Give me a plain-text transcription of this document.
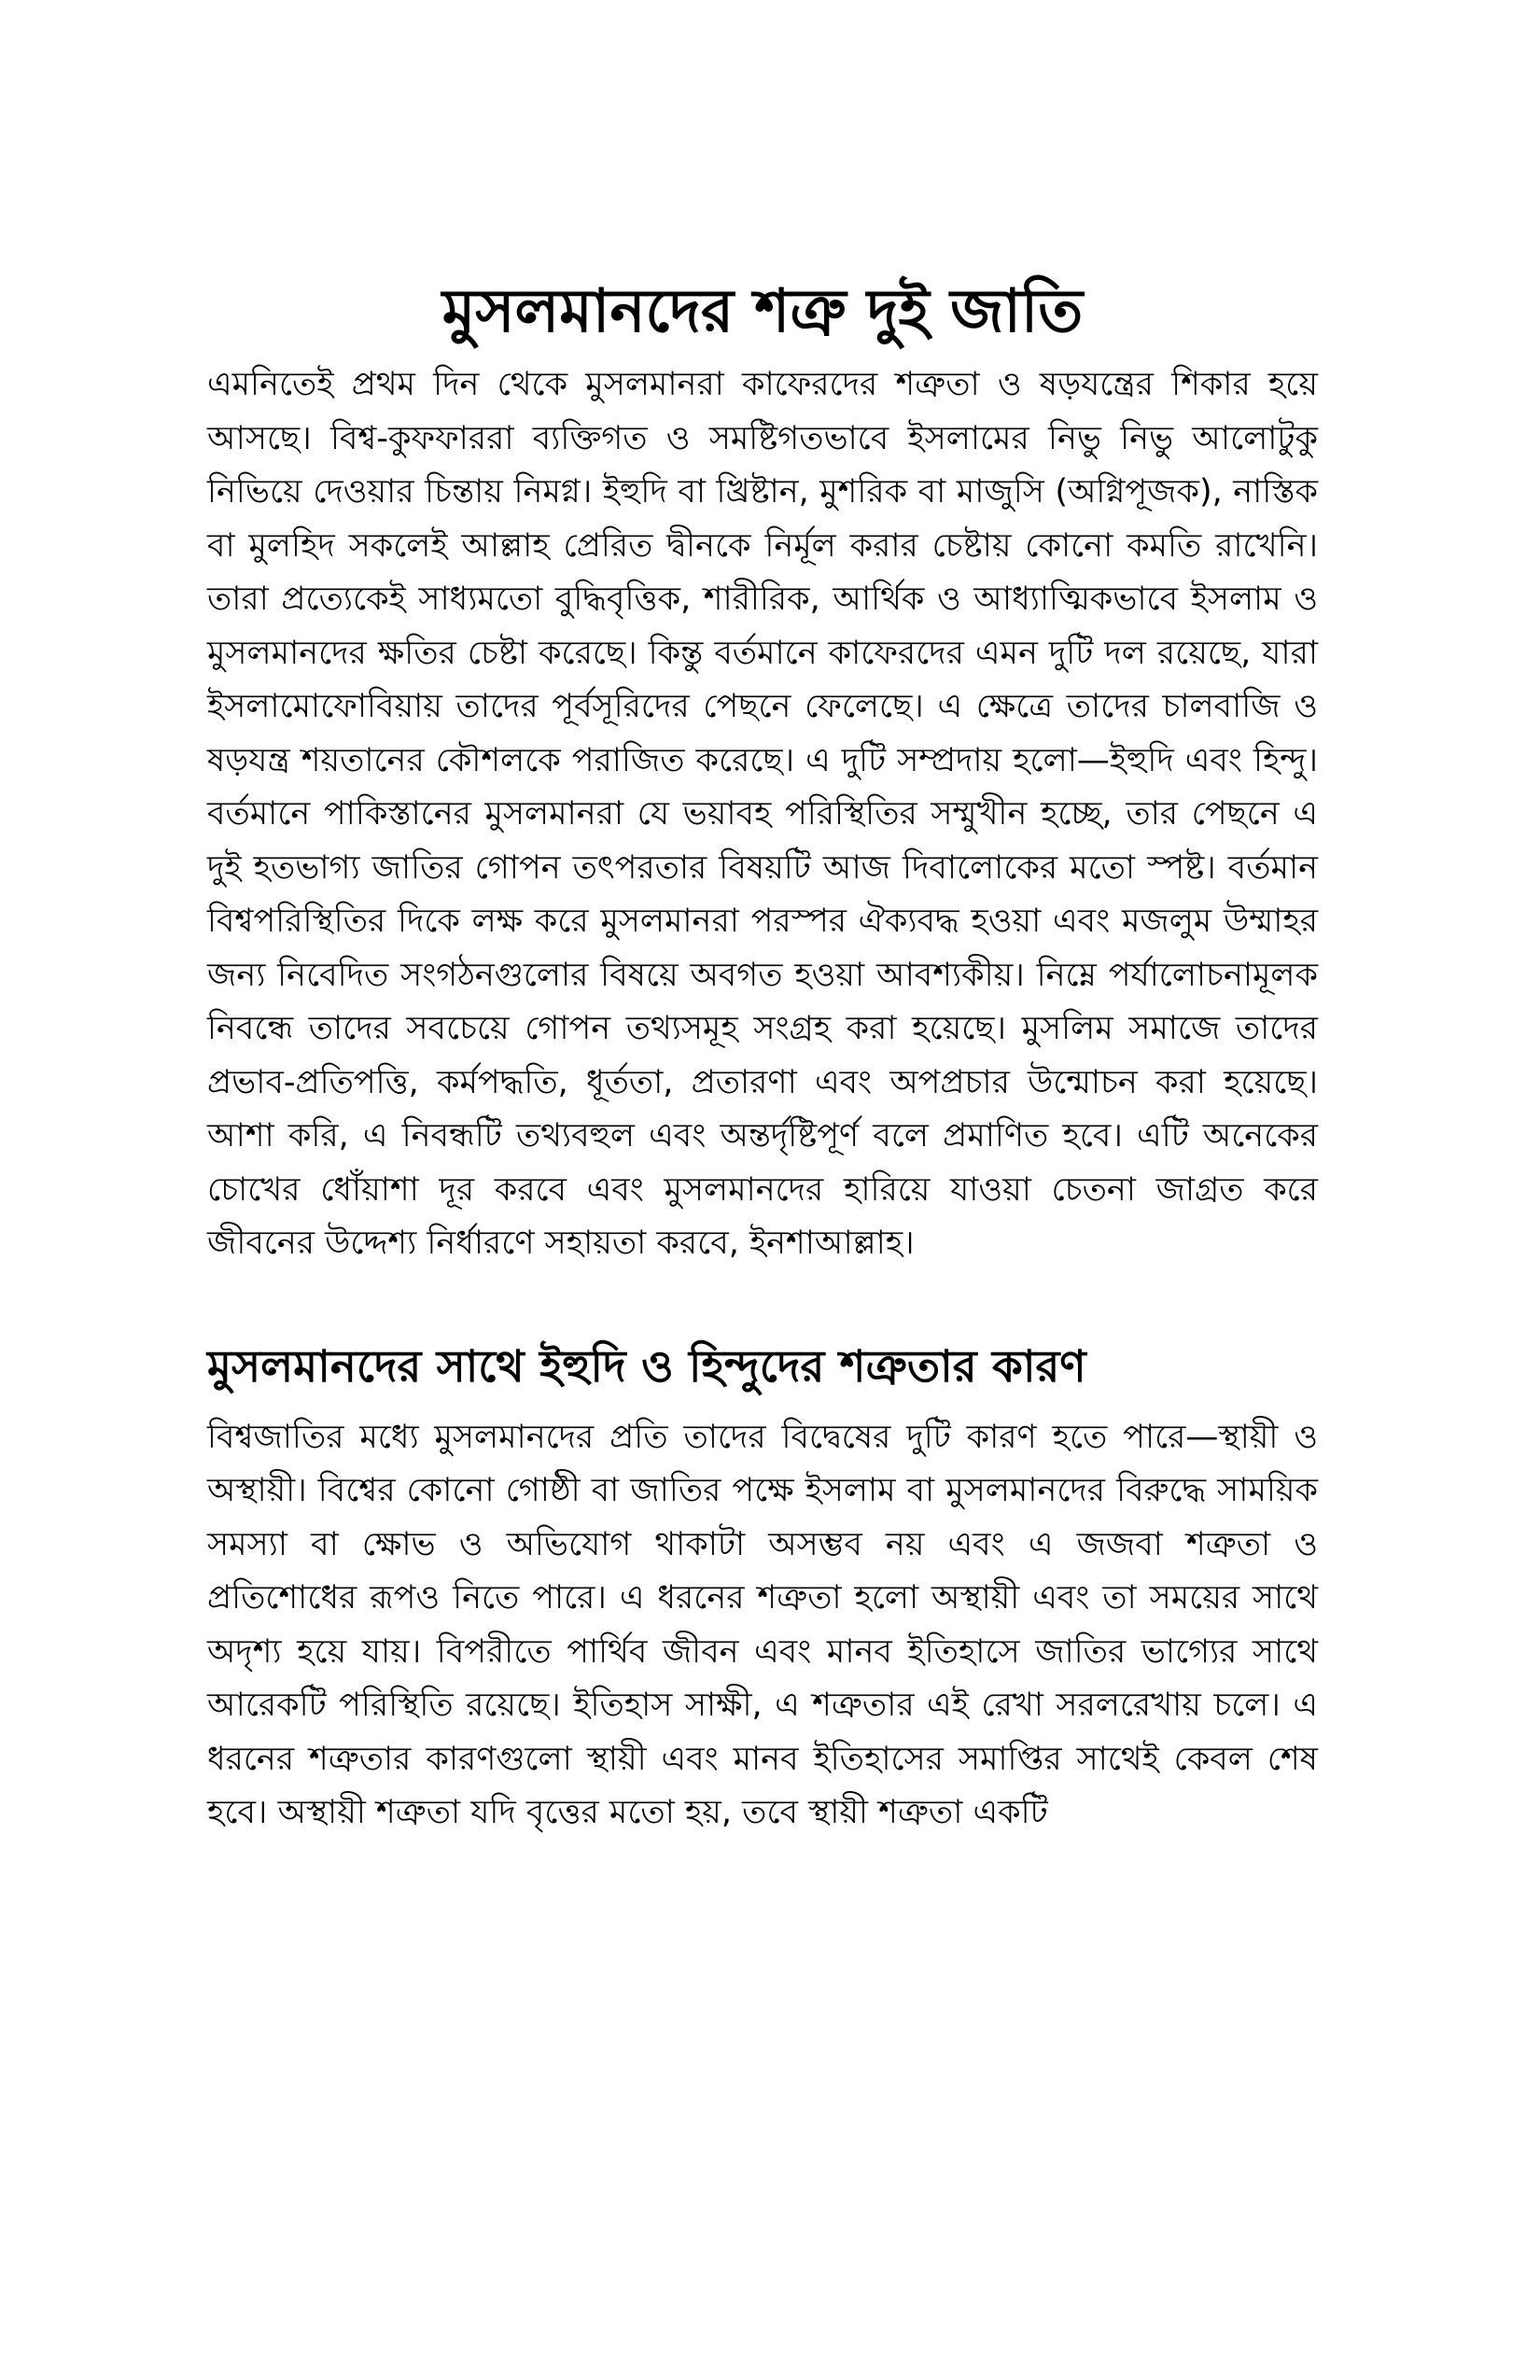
মুসলমানদের শত্রু দুই জাতি

এমনিতেই প্রথম দিন থেকে মুসলমানরা কাফেরদের শত্রুতা ও ষড়যন্ত্রের শিকার হয়ে আসছে। বিশ্ব-কুফফাররা ব্যক্তিগত ও সমষ্টিগতভাবে ইসলামের নিভু নিভু আলোটুকু নিভিয়ে দেওয়ার চিন্তায় নিমগ্ন। ইহুদি বা খ্রিষ্টান, মুশরিক বা মাজুসি (অগ্নিপূজক), নাস্তিক বা মুলহিদ সকলেই আল্লাহ প্রেরিত দ্বীনকে নির্মূল করার চেষ্টায় কোনো কমতি রাখেনি। তারা প্রত্যেকেই সাধ্যমতো বুদ্ধিবৃত্তিক, শারীরিক, আর্থিক ও আধ্যাত্মিকভাবে ইসলাম ও মুসলমানদের ক্ষতির চেষ্টা করেছে। কিন্তু বর্তমানে কাফেরদের এমন দুটি দল রয়েছে, যারা ইসলামোফোবিয়ায় তাদের পূর্বসূরিদের পেছনে ফেলেছে। এ ক্ষেত্রে তাদের চালবাজি ও ষড়যন্ত্র শয়তানের কৌশলকে পরাজিত করেছে। এ দুটি সম্প্রদায় হলো—ইহুদি এবং হিন্দু। বর্তমানে পাকিস্তানের মুসলমানরা যে ভয়াবহ পরিস্থিতির সম্মুখীন হচ্ছে, তার পেছনে এ দুই হতভাগ্য জাতির গোপন তৎপরতার বিষয়টি আজ দিবালোকের মতো স্পষ্ট। বর্তমান বিশ্বপরিস্থিতির দিকে লক্ষ করে মুসলমানরা পরস্পর ঐক্যবদ্ধ হওয়া এবং মজলুম উম্মাহর জন্য নিবেদিত সংগঠনগুলোর বিষয়ে অবগত হওয়া আবশ্যকীয়। নিম্নে পর্যালোচনামূলক নিবন্ধে তাদের সবচেয়ে গোপন তথ্যসমূহ সংগ্রহ করা হয়েছে। মুসলিম সমাজে তাদের প্রভাব-প্রতিপত্তি, কর্মপদ্ধতি, ধূর্ততা, প্রতারণা এবং অপপ্রচার উন্মোচন করা হয়েছে। আশা করি, এ নিবন্ধটি তথ্যবহুল এবং অন্তর্দৃষ্টিপূর্ণ বলে প্রমাণিত হবে। এটি অনেকের চোখের ধোঁয়াশা দূর করবে এবং মুসলমানদের হারিয়ে যাওয়া চেতনা জাগ্রত করে জীবনের উদ্দেশ্য নির্ধারণে সহায়তা করবে, ইনশাআল্লাহ।

মুসলমানদের সাথে ইহুদি ও হিন্দুদের শত্রুতার কারণ

বিশ্বজাতির মধ্যে মুসলমানদের প্রতি তাদের বিদ্বেষের দুটি কারণ হতে পারে—স্থায়ী ও অস্থায়ী। বিশ্বের কোনো গোষ্ঠী বা জাতির পক্ষে ইসলাম বা মুসলমানদের বিরুদ্ধে সাময়িক সমস্যা বা ক্ষোভ ও অভিযোগ থাকাটা অসম্ভব নয় এবং এ জজবা শত্রুতা ও প্রতিশোধের রূপও নিতে পারে। এ ধরনের শত্রুতা হলো অস্থায়ী এবং তা সময়ের সাথে অদৃশ্য হয়ে যায়। বিপরীতে পার্থিব জীবন এবং মানব ইতিহাসে জাতির ভাগ্যের সাথে আরেকটি পরিস্থিতি রয়েছে। ইতিহাস সাক্ষী, এ শত্রুতার এই রেখা সরলরেখায় চলে। এ ধরনের শত্রুতার কারণগুলো স্থায়ী এবং মানব ইতিহাসের সমাপ্তির সাথেই কেবল শেষ হবে। অস্থায়ী শত্রুতা যদি বৃত্তের মতো হয়, তবে স্থায়ী শত্রুতা একটি
